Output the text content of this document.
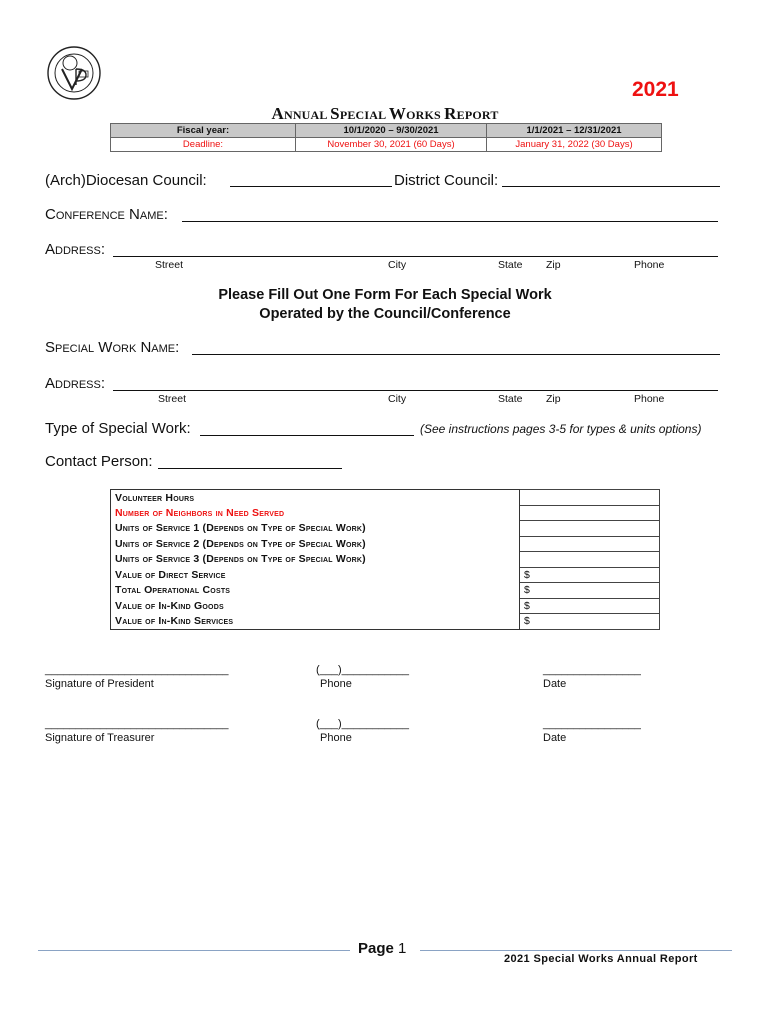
2021
ANNUAL SPECIAL WORKS REPORT
Fiscal year:	10/1/2020 – 9/30/2021	1/1/2021 – 12/31/2021
Deadline:	November 30, 2021 (60 Days)	January 31, 2022 (30 Days)
(Arch)Diocesan Council:	District Council:
Conference Name:
Address:
Street	City	State Zip	Phone
Please Fill Out One Form For Each Special Work
Operated by the Council/Conference
Special Work Name:
Address:
Street	City	State Zip	Phone
Type of Special Work:	(See instructions pages 3-5 for types & units options)
Contact Person:
Volunteer Hours	
Number of Neighbors in Need Served	
Units of Service 1 (Depends on Type of Special Work)	
Units of Service 2 (Depends on Type of Special Work)	
Units of Service 3 (Depends on Type of Special Work)	
Value of Direct Service	$
Total Operational Costs	$
Value of In-Kind Goods	$
Value of In-Kind Services	$
______________________________
Signature of President
(___)___________
Phone
________________
Date
______________________________
Signature of Treasurer
(___)___________
Phone
________________
Date
Page 1
2021 Special Works Annual Report
